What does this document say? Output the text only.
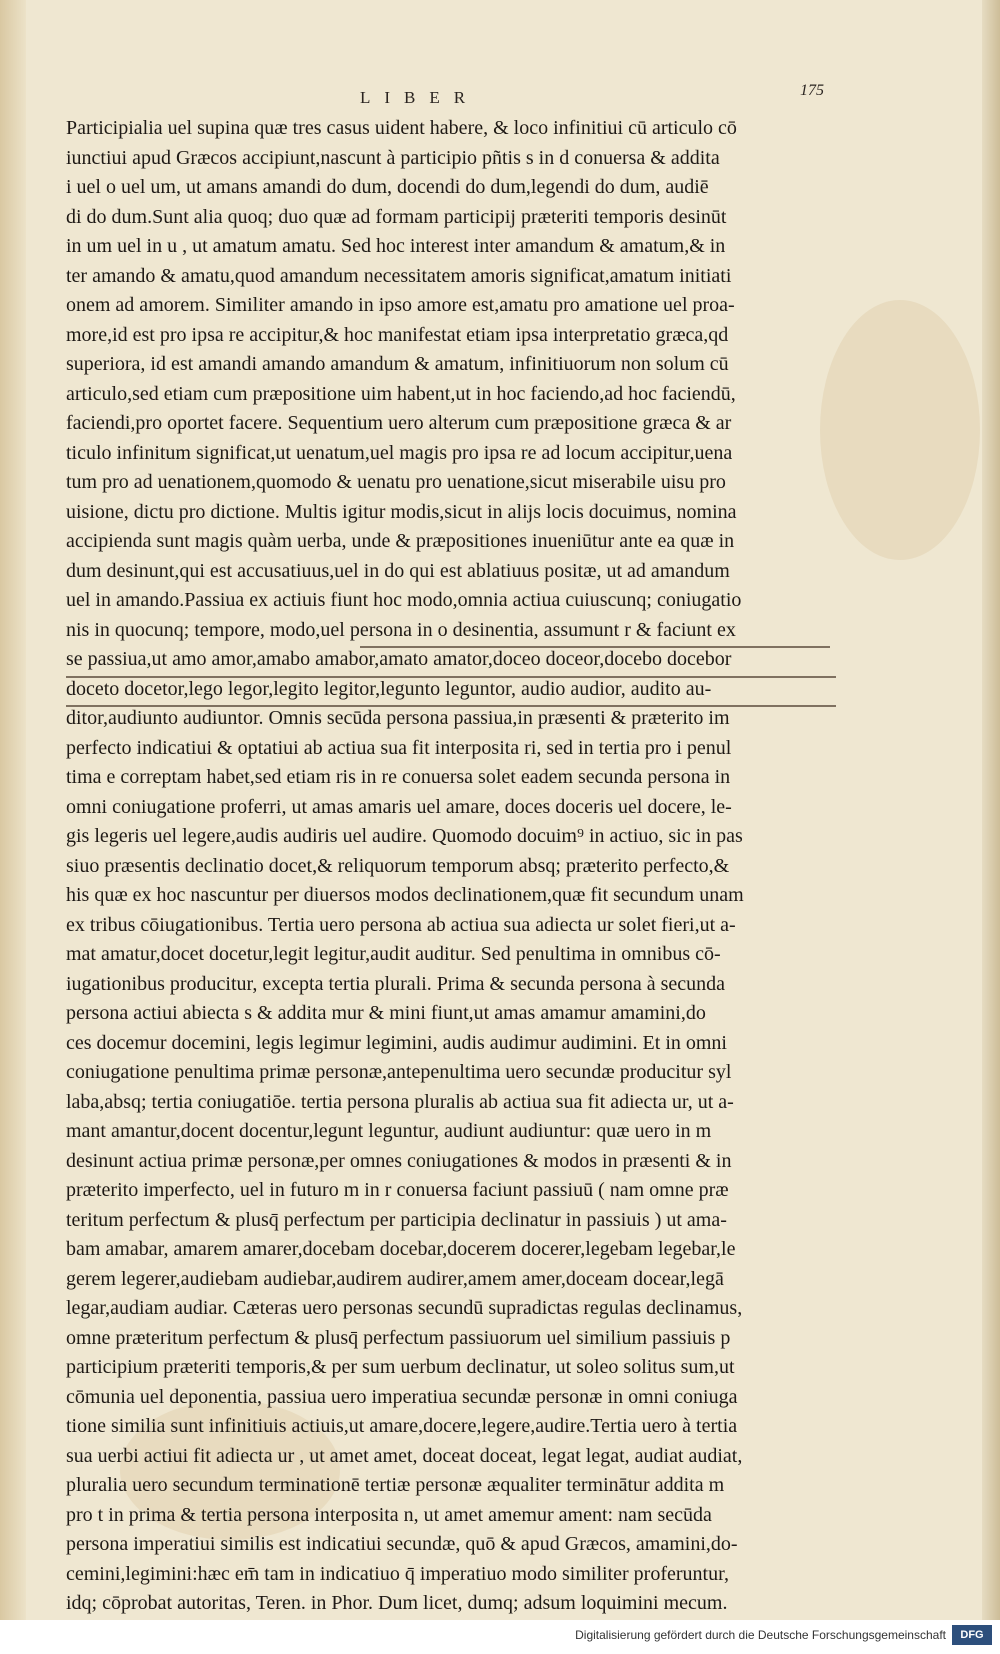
LIBER	175
Participialia uel supina quæ tres casus uident habere, & loco infinitiui cū articulo cō
iunctiui apud Græcos accipiunt,nascunt à participio pñtis s in d conuersa & addita
i uel o uel um, ut amans amandi do dum, docendi do dum,legendi do dum, audiē
di do dum.Sunt alia quoq; duo quæ ad formam participij præteriti temporis desinūt
in um uel in u , ut amatum amatu. Sed hoc interest inter amandum & amatum,& in
ter amando & amatu,quod amandum necessitatem amoris significat,amatum initiati
onem ad amorem. Similiter amando in ipso amore est,amatu pro amatione uel proa-
more,id est pro ipsa re accipitur,& hoc manifestat etiam ipsa interpretatio græca,qd
superiora, id est amandi amando amandum & amatum, infinitiuorum non solum cū
articulo,sed etiam cum præpositione uim habent,ut in hoc faciendo,ad hoc faciendū,
faciendi,pro oportet facere. Sequentium uero alterum cum præpositione græca & ar
ticulo infinitum significat,ut uenatum,uel magis pro ipsa re ad locum accipitur,uena
tum pro ad uenationem,quomodo & uenatu pro uenatione,sicut miserabile uisu pro
uisione, dictu pro dictione. Multis igitur modis,sicut in alijs locis docuimus, nomina
accipienda sunt magis quàm uerba, unde & præpositiones inueniūtur ante ea quæ in
dum desinunt,qui est accusatiuus,uel in do qui est ablatiuus positæ, ut ad amandum
uel in amando.Passiua ex actiuis fiunt hoc modo,omnia actiua cuiuscunq; coniugatio
nis in quocunq; tempore, modo,uel persona in o desinentia, assumunt r & faciunt ex
se passiua,ut amo amor,amabo amabor,amato amator,doceo doceor,docebo docebor
doceto docetor,lego legor,legito legitor,legunto leguntor, audio audior, audito au-
ditor,audiunto audiuntor. Omnis secūda persona passiua,in præsenti & præterito im
perfecto indicatiui & optatiui ab actiua sua fit interposita ri, sed in tertia pro i penul
tima e correptam habet,sed etiam ris in re conuersa solet eadem secunda persona in
omni coniugatione proferri, ut amas amaris uel amare, doces doceris uel docere, le-
gis legeris uel legere,audis audiris uel audire. Quomodo docuim⁹ in actiuo, sic in pas
siuo præsentis declinatio docet,& reliquorum temporum absq; præterito perfecto,&
his quæ ex hoc nascuntur per diuersos modos declinationem,quæ fit secundum unam
ex tribus cōiugationibus. Tertia uero persona ab actiua sua adiecta ur solet fieri,ut a-
mat amatur,docet docetur,legit legitur,audit auditur. Sed penultima in omnibus cō-
iugationibus producitur, excepta tertia plurali. Prima & secunda persona à secunda
persona actiui abiecta s & addita mur & mini fiunt,ut amas amamur amamini,do
ces docemur docemini, legis legimur legimini, audis audimur audimini. Et in omni
coniugatione penultima primæ personæ,antepenultima uero secundæ producitur syl
laba,absq; tertia coniugatiōe. tertia persona pluralis ab actiua sua fit adiecta ur, ut a-
mant amantur,docent docentur,legunt leguntur, audiunt audiuntur: quæ uero in m
desinunt actiua primæ personæ,per omnes coniugationes & modos in præsenti & in
præterito imperfecto, uel in futuro m in r conuersa faciunt passiuū ( nam omne præ
teritum perfectum & plusq̄ perfectum per participia declinatur in passiuis ) ut ama-
bam amabar, amarem amarer,docebam docebar,docerem docerer,legebam legebar,le
gerem legerer,audiebam audiebar,audirem audirer,amem amer,doceam docear,legā
legar,audiam audiar. Cæteras uero personas secundū supradictas regulas declinamus,
omne præteritum perfectum & plusq̄ perfectum passiuorum uel similium passiuis p
participium præteriti temporis,& per sum uerbum declinatur, ut soleo solitus sum,ut
cōmunia uel deponentia, passiua uero imperatiua secundæ personæ in omni coniuga
tione similia sunt infinitiuis actiuis,ut amare,docere,legere,audire.Tertia uero à tertia
sua uerbi actiui fit adiecta ur , ut amet amet, doceat doceat, legat legat, audiat audiat,
pluralia uero secundum terminationē tertiæ personæ æqualiter terminātur addita m
pro t in prima & tertia persona interposita n, ut amet amemur ament: nam secūda
persona imperatiui similis est indicatiui secundæ, quō & apud Græcos, amamini,do-
cemini,legimini:hæc em̄ tam in indicatiuo q̄ imperatiuo modo similiter proferuntur,
idq; cōprobat autoritas, Teren. in Phor. Dum licet, dumq; adsum loquimini mecum.
Digitalisierung gefördert durch die Deutsche Forschungsgemeinschaft	DFG
